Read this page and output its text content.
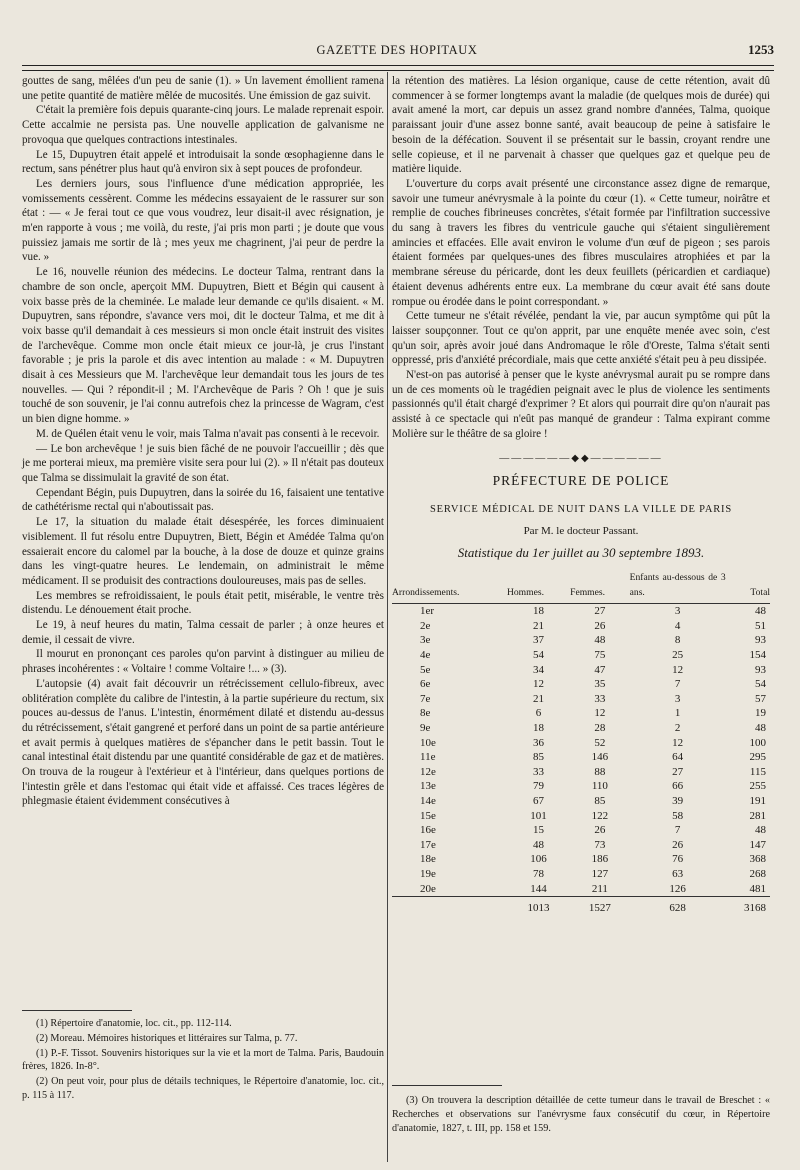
GAZETTE DES HOPITAUX	1253

gouttes de sang, mêlées d'un peu de sanie (1). » Un lavement émollient ramena une petite quantité de matière mêlée de mucosités. Une émission de gaz suivit.

C'était la première fois depuis quarante-cinq jours. Le malade reprenait espoir. Cette accalmie ne persista pas. Une nouvelle application de galvanisme ne provoqua que quelques contractions intestinales.

Le 15, Dupuytren était appelé et introduisait la sonde œsophagienne dans le rectum, sans pénétrer plus haut qu'à environ six à sept pouces de profondeur.

Les derniers jours, sous l'influence d'une médication appropriée, les vomissements cessèrent. Comme les médecins essayaient de le rassurer sur son état : — « Je ferai tout ce que vous voudrez, leur disait-il avec résignation, je m'en rapporte à vous ; me voilà, du reste, j'ai pris mon parti ; je doute que vous puissiez jamais me sortir de là ; mes yeux me chagrinent, j'ai peur de perdre la vue. »

Le 16, nouvelle réunion des médecins. Le docteur Talma, rentrant dans la chambre de son oncle, aperçoit MM. Dupuytren, Biett et Bégin qui causent à voix basse près de la cheminée. Le malade leur demande ce qu'ils disaient. « M. Dupuytren, sans répondre, s'avance vers moi, dit le docteur Talma, et me dit à voix basse qu'il demandait à ces messieurs si mon oncle était instruit des visites de l'archevêque. Comme mon oncle était mieux ce jour-là, je crus l'instant favorable ; je pris la parole et dis avec intention au malade : « M. Dupuytren disait à ces Messieurs que M. l'archevêque leur demandait tous les jours de tes nouvelles. — Qui ? répondit-il ; M. l'Archevêque de Paris ? Oh ! que je suis touché de son souvenir, je l'ai connu autrefois chez la princesse de Wagram, c'est un bien digne homme. »

M. de Quélen était venu le voir, mais Talma n'avait pas consenti à le recevoir.

— Le bon archevêque ! je suis bien fâché de ne pouvoir l'accueillir ; dès que je me porterai mieux, ma première visite sera pour lui (2). » Il n'était pas douteux que Talma se dissimulait la gravité de son état.

Cependant Bégin, puis Dupuytren, dans la soirée du 16, faisaient une tentative de cathétérisme rectal qui n'aboutissait pas.

Le 17, la situation du malade était désespérée, les forces diminuaient visiblement. Il fut résolu entre Dupuytren, Biett, Bégin et Amédée Talma qu'on essaierait encore du calomel par la bouche, à la dose de douze et quinze grains dans les vingt-quatre heures. Le lendemain, on administrait le même médicament. Il se produisit des contractions douloureuses, mais pas de selles.

Les membres se refroidissaient, le pouls était petit, misérable, le ventre très distendu. Le dénouement était proche.

Le 19, à neuf heures du matin, Talma cessait de parler ; à onze heures et demie, il cessait de vivre.

Il mourut en prononçant ces paroles qu'on parvint à distinguer au milieu de phrases incohérentes : « Voltaire ! comme Voltaire !... » (3).

L'autopsie (4) avait fait découvrir un rétrécissement cellulo-fibreux, avec oblitération complète du calibre de l'intestin, à la partie supérieure du rectum, six pouces au-dessus de l'anus. L'intestin, énormément dilaté et distendu au-dessus du rétrécissement, s'était gangrené et perforé dans un point de sa partie antérieure et avait permis à quelques matières de s'épancher dans le petit bassin. Tout le canal intestinal était distendu par une quantité considérable de gaz et de matières. On trouva de la rougeur à l'extérieur et à l'intérieur, dans quelques portions de l'intestin grêle et dans l'estomac qui était vide et affaissé. Ces traces légères de phlegmasie étaient évidemment consécutives à

(1) Répertoire d'anatomie, loc. cit., pp. 112-114.

(2) Moreau. Mémoires historiques et littéraires sur Talma, p. 77.

(1) P.-F. Tissot. Souvenirs historiques sur la vie et la mort de Talma. Paris, Baudouin frères, 1826. In-8°.

(2) On peut voir, pour plus de détails techniques, le Répertoire d'anatomie, loc. cit., p. 115 à 117.

la rétention des matières. La lésion organique, cause de cette rétention, avait dû commencer à se former longtemps avant la maladie (de quelques mois de durée) qui avait amené la mort, car depuis un assez grand nombre d'années, Talma, quoique paraissant jouir d'une assez bonne santé, avait beaucoup de peine à satisfaire le besoin de la défécation. Souvent il se présentait sur le bassin, croyant rendre une selle copieuse, et il ne parvenait à chasser que quelques gaz et quelque peu de matière liquide.

L'ouverture du corps avait présenté une circonstance assez digne de remarque, savoir une tumeur anévrysmale à la pointe du cœur (1). « Cette tumeur, noirâtre et remplie de couches fibrineuses concrètes, s'était formée par l'infiltration successive du sang à travers les fibres du ventricule gauche qui s'étaient singulièrement amincies et effacées. Elle avait environ le volume d'un œuf de pigeon ; ses parois étaient formées par quelques-unes des fibres musculaires atrophiées et par la membrane séreuse du péricarde, dont les deux feuillets (péricardien et cardiaque) étaient devenus adhérents entre eux. La membrane du cœur avait été sans doute rompue ou érodée dans le point correspondant. »

Cette tumeur ne s'était révélée, pendant la vie, par aucun symptôme qui pût la laisser soupçonner. Tout ce qu'on apprit, par une enquête menée avec soin, c'est qu'un soir, après avoir joué dans Andromaque le rôle d'Oreste, Talma s'était senti oppressé, pris d'anxiété précordiale, mais que cette anxiété s'était peu à peu dissipée.

N'est-on pas autorisé à penser que le kyste anévrysmal aurait pu se rompre dans un de ces moments où le tragédien peignait avec le plus de violence les sentiments passionnés qu'il était chargé d'exprimer ? Et alors qui pourrait dire qu'on n'aurait pas assisté à ce spectacle qui n'eût pas manqué de grandeur : Talma expirant comme Molière sur le théâtre de sa gloire !

——————◆◆——————
PRÉFECTURE DE POLICE
SERVICE MÉDICAL DE NUIT DANS LA VILLE DE PARIS
Par M. le docteur Passant.
Statistique du 1er juillet au 30 septembre 1893.
Arrondissements.	Hommes.	Femmes.	Enfants au-dessous de 3 ans.	Total
1er	18	27	3	48
2e	21	26	4	51
3e	37	48	8	93
4e	54	75	25	154
5e	34	47	12	93
6e	12	35	7	54
7e	21	33	3	57
8e	6	12	1	19
9e	18	28	2	48
10e	36	52	12	100
11e	85	146	64	295
12e	33	88	27	115
13e	79	110	66	255
14e	67	85	39	191
15e	101	122	58	281
16e	15	26	7	48
17e	48	73	26	147
18e	106	186	76	368
19e	78	127	63	268
20e	144	211	126	481
	1013	1527	628	3168

(3) On trouvera la description détaillée de cette tumeur dans le travail de Breschet : « Recherches et observations sur l'anévrysme faux consécutif du cœur, in Répertoire d'anatomie, 1827, t. III, pp. 158 et 159.
